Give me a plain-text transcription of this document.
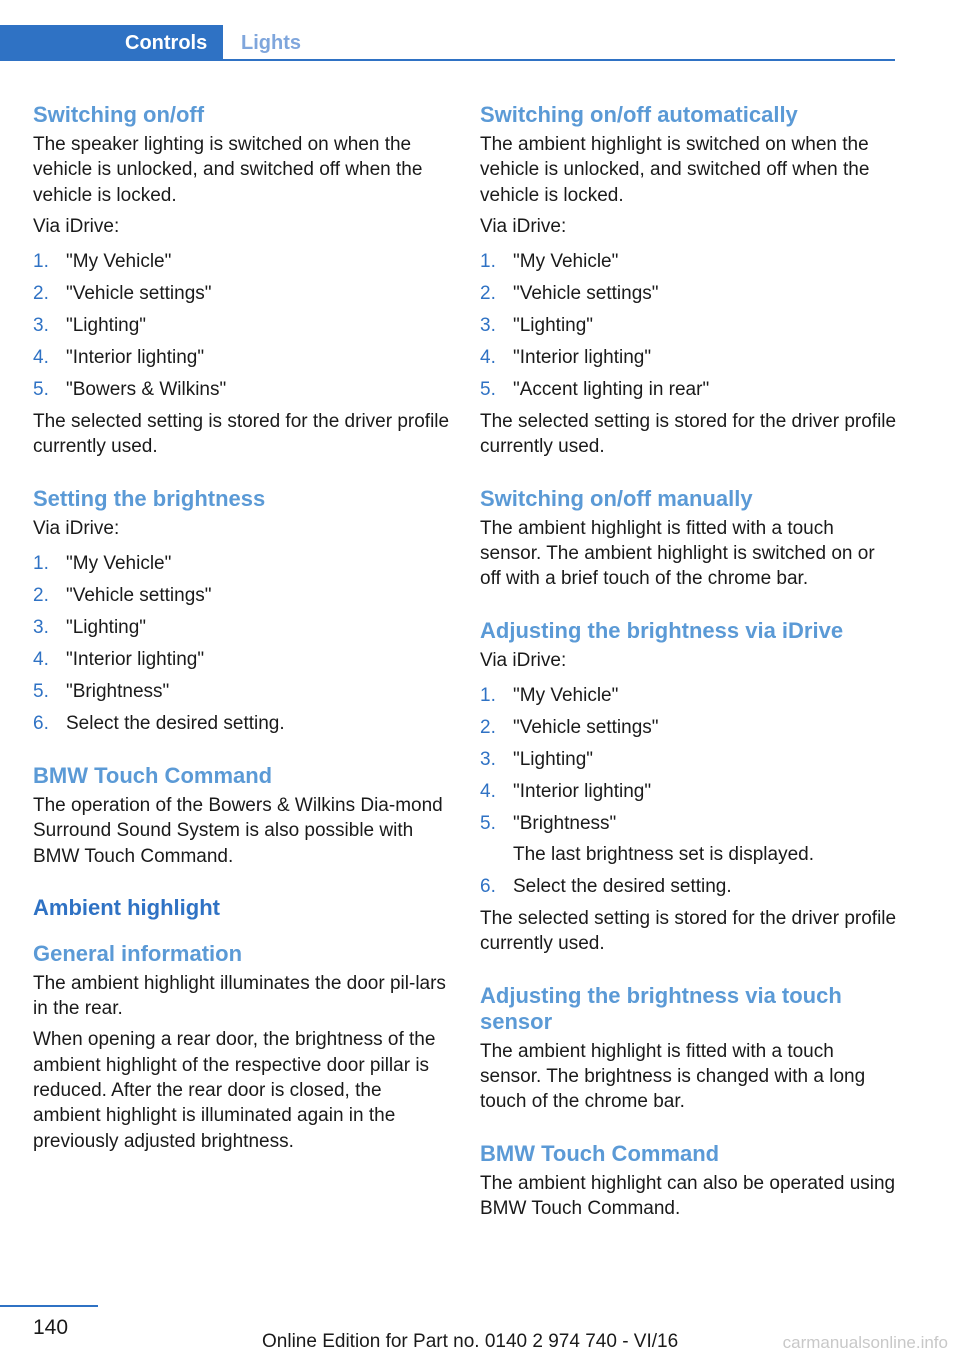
Controls	Lights
Switching on/off

The speaker lighting is switched on when the vehicle is unlocked, and switched off when the vehicle is locked.

Via iDrive:

1. "My Vehicle"
2. "Vehicle settings"
3. "Lighting"
4. "Interior lighting"
5. "Bowers & Wilkins"

The selected setting is stored for the driver profile currently used.

Setting the brightness

Via iDrive:

1. "My Vehicle"
2. "Vehicle settings"
3. "Lighting"
4. "Interior lighting"
5. "Brightness"
6. Select the desired setting.
BMW Touch Command

The operation of the Bowers & Wilkins Dia-mond Surround Sound System is also possible with BMW Touch Command.

Ambient highlight
General information

The ambient highlight illuminates the door pil-lars in the rear.

When opening a rear door, the brightness of the ambient highlight of the respective door pillar is reduced. After the rear door is closed, the ambient highlight is illuminated again in the previously adjusted brightness.

Switching on/off automatically

The ambient highlight is switched on when the vehicle is unlocked, and switched off when the vehicle is locked.

Via iDrive:

1. "My Vehicle"
2. "Vehicle settings"
3. "Lighting"
4. "Interior lighting"
5. "Accent lighting in rear"

The selected setting is stored for the driver profile currently used.

Switching on/off manually

The ambient highlight is fitted with a touch sensor. The ambient highlight is switched on or off with a brief touch of the chrome bar.

Adjusting the brightness via iDrive

Via iDrive:

1. "My Vehicle"
2. "Vehicle settings"
3. "Lighting"
4. "Interior lighting"
5. "Brightness"
The last brightness set is displayed.
6. Select the desired setting.

The selected setting is stored for the driver profile currently used.

Adjusting the brightness via touch sensor

The ambient highlight is fitted with a touch sensor. The brightness is changed with a long touch of the chrome bar.

BMW Touch Command

The ambient highlight can also be operated using BMW Touch Command.

140
Online Edition for Part no. 0140 2 974 740 - VI/16	carmanualsonline.info
